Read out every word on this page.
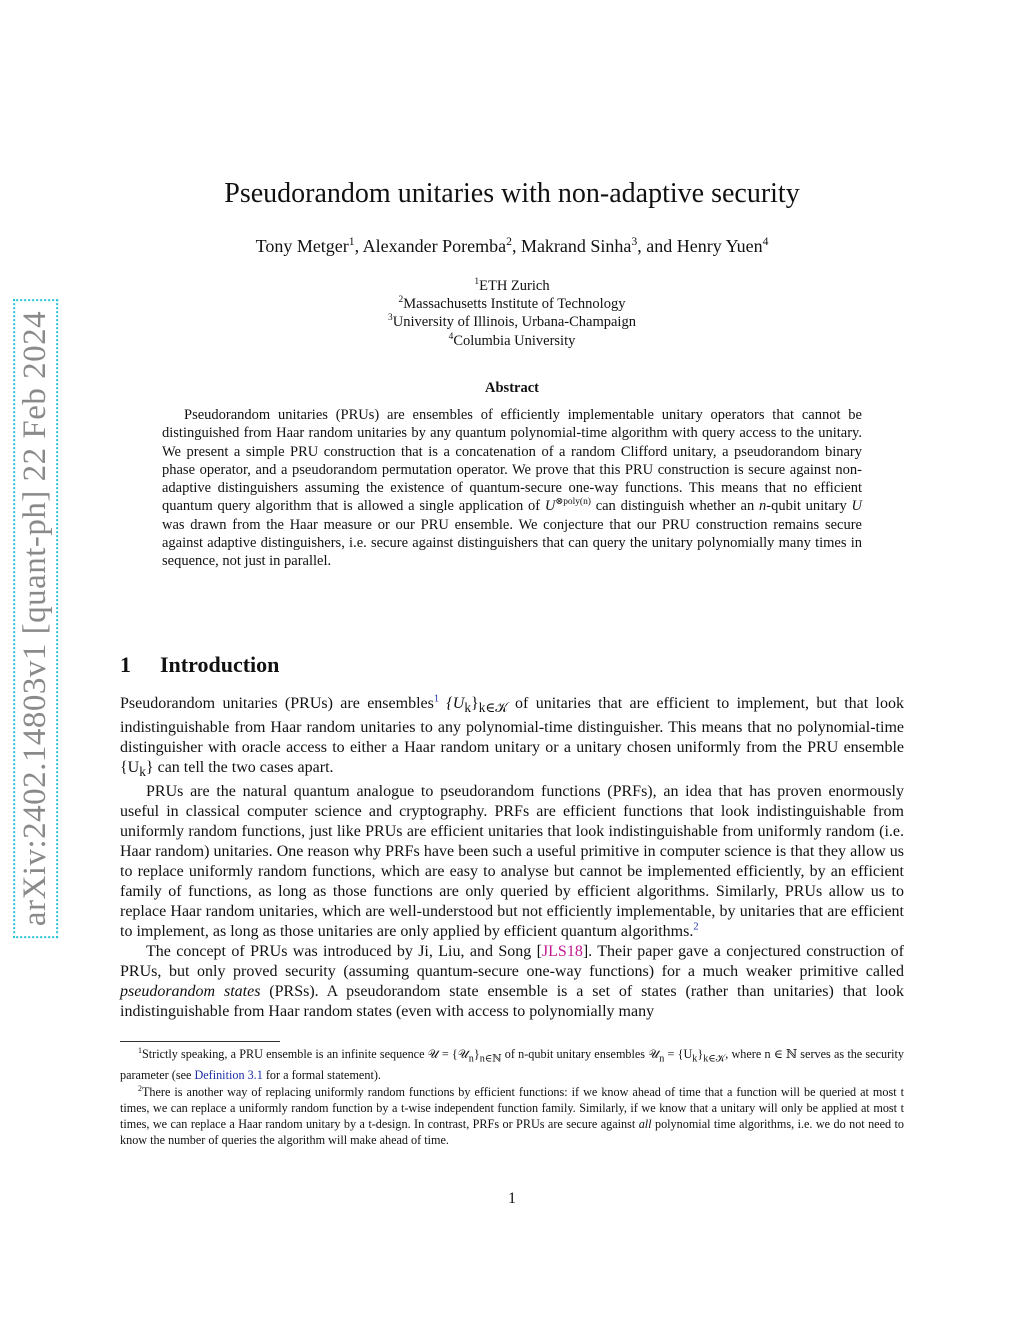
arXiv:2402.14803v1 [quant-ph] 22 Feb 2024
Pseudorandom unitaries with non-adaptive security
Tony Metger$^1$, Alexander Poremba$^2$, Makrand Sinha$^3$, and Henry Yuen$^4$
$^1$ETH Zurich
$^2$Massachusetts Institute of Technology
$^3$University of Illinois, Urbana-Champaign
$^4$Columbia University
Abstract
Pseudorandom unitaries (PRUs) are ensembles of efficiently implementable unitary operators that cannot be distinguished from Haar random unitaries by any quantum polynomial-time algorithm with query access to the unitary. We present a simple PRU construction that is a concatenation of a random Clifford unitary, a pseudorandom binary phase operator, and a pseudorandom permutation operator. We prove that this PRU construction is secure against non-adaptive distinguishers assuming the existence of quantum-secure one-way functions. This means that no efficient quantum query algorithm that is allowed a single application of $U^{\otimes poly(n)}$ can distinguish whether an n-qubit unitary U was drawn from the Haar measure or our PRU ensemble. We conjecture that our PRU construction remains secure against adaptive distinguishers, i.e. secure against distinguishers that can query the unitary polynomially many times in sequence, not just in parallel.
1 Introduction

Pseudorandom unitaries (PRUs) are ensembles$^1$ $\{U_k\}_{k\in 𝒦}$ of unitaries that are efficient to implement, but that look indistinguishable from Haar random unitaries to any polynomial-time distinguisher. This means that no polynomial-time distinguisher with oracle access to either a Haar random unitary or a unitary chosen uniformly from the PRU ensemble $\{U_k\}$ can tell the two cases apart.

PRUs are the natural quantum analogue to pseudorandom functions (PRFs), an idea that has proven enormously useful in classical computer science and cryptography. PRFs are efficient functions that look indistinguishable from uniformly random functions, just like PRUs are efficient unitaries that look indistinguishable from uniformly random (i.e. Haar random) unitaries. One reason why PRFs have been such a useful primitive in computer science is that they allow us to replace uniformly random functions, which are easy to analyse but cannot be implemented efficiently, by an efficient family of functions, as long as those functions are only queried by efficient algorithms. Similarly, PRUs allow us to replace Haar random unitaries, which are well-understood but not efficiently implementable, by unitaries that are efficient to implement, as long as those unitaries are only applied by efficient quantum algorithms.$^2$

The concept of PRUs was introduced by Ji, Liu, and Song [JLS18]. Their paper gave a conjectured construction of PRUs, but only proved security (assuming quantum-secure one-way functions) for a much weaker primitive called pseudorandom states (PRSs). A pseudorandom state ensemble is a set of states (rather than unitaries) that look indistinguishable from Haar random states (even with access to polynomially many

$^1$Strictly speaking, a PRU ensemble is an infinite sequence 𝒰 = $\{𝒰_n\}_{n\in ℕ}$ of n-qubit unitary ensembles 𝒰$_n$ = $\{U_k\}_{k\in 𝒦}$, where n ∈ ℕ serves as the security parameter (see Definition 3.1 for a formal statement).

$^2$There is another way of replacing uniformly random functions by efficient functions: if we know ahead of time that a function will be queried at most t times, we can replace a uniformly random function by a t-wise independent function family. Similarly, if we know that a unitary will only be applied at most t times, we can replace a Haar random unitary by a t-design. In contrast, PRFs or PRUs are secure against all polynomial time algorithms, i.e. we do not need to know the number of queries the algorithm will make ahead of time.

1
